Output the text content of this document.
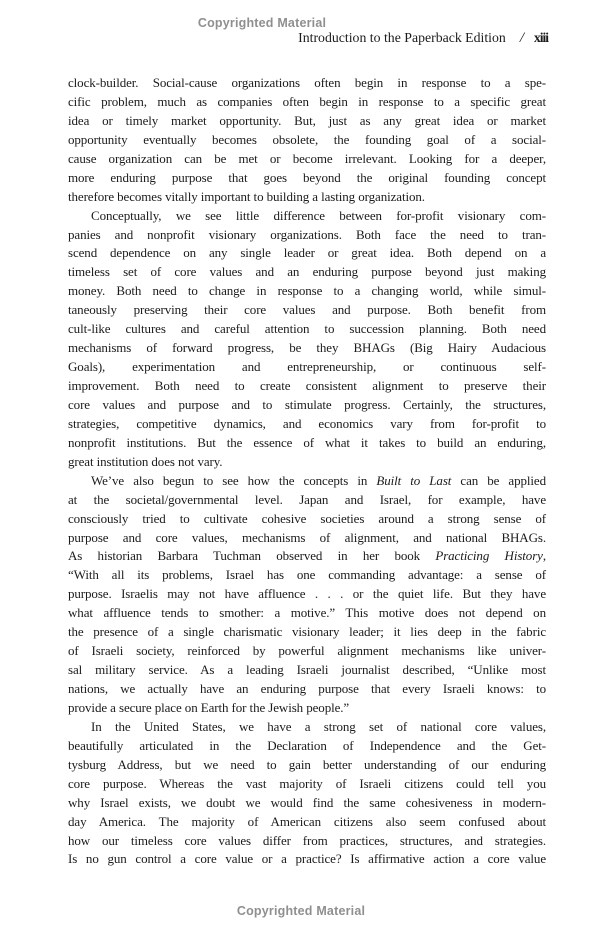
Copyrighted Material
Introduction to the Paperback Edition / xiii
clock-builder. Social-cause organizations often begin in response to a spe-
cific problem, much as companies often begin in response to a specific great
idea or timely market opportunity. But, just as any great idea or market
opportunity eventually becomes obsolete, the founding goal of a social-
cause organization can be met or become irrelevant. Looking for a deeper,
more enduring purpose that goes beyond the original founding concept
therefore becomes vitally important to building a lasting organization.
Conceptually, we see little difference between for-profit visionary com-
panies and nonprofit visionary organizations. Both face the need to tran-
scend dependence on any single leader or great idea. Both depend on a
timeless set of core values and an enduring purpose beyond just making
money. Both need to change in response to a changing world, while simul-
taneously preserving their core values and purpose. Both benefit from
cult-like cultures and careful attention to succession planning. Both need
mechanisms of forward progress, be they BHAGs (Big Hairy Audacious
Goals), experimentation and entrepreneurship, or continuous self-
improvement. Both need to create consistent alignment to preserve their
core values and purpose and to stimulate progress. Certainly, the structures,
strategies, competitive dynamics, and economics vary from for-profit to
nonprofit institutions. But the essence of what it takes to build an enduring,
great institution does not vary.
We’ve also begun to see how the concepts in Built to Last can be applied
at the societal/governmental level. Japan and Israel, for example, have
consciously tried to cultivate cohesive societies around a strong sense of
purpose and core values, mechanisms of alignment, and national BHAGs.
As historian Barbara Tuchman observed in her book Practicing History,
“With all its problems, Israel has one commanding advantage: a sense of
purpose. Israelis may not have affluence . . . or the quiet life. But they have
what affluence tends to smother: a motive.” This motive does not depend on
the presence of a single charismatic visionary leader; it lies deep in the fabric
of Israeli society, reinforced by powerful alignment mechanisms like univer-
sal military service. As a leading Israeli journalist described, “Unlike most
nations, we actually have an enduring purpose that every Israeli knows: to
provide a secure place on Earth for the Jewish people.”
In the United States, we have a strong set of national core values,
beautifully articulated in the Declaration of Independence and the Get-
tysburg Address, but we need to gain better understanding of our enduring
core purpose. Whereas the vast majority of Israeli citizens could tell you
why Israel exists, we doubt we would find the same cohesiveness in modern-
day America. The majority of American citizens also seem confused about
how our timeless core values differ from practices, structures, and strategies.
Is no gun control a core value or a practice? Is affirmative action a core value
Copyrighted Material
